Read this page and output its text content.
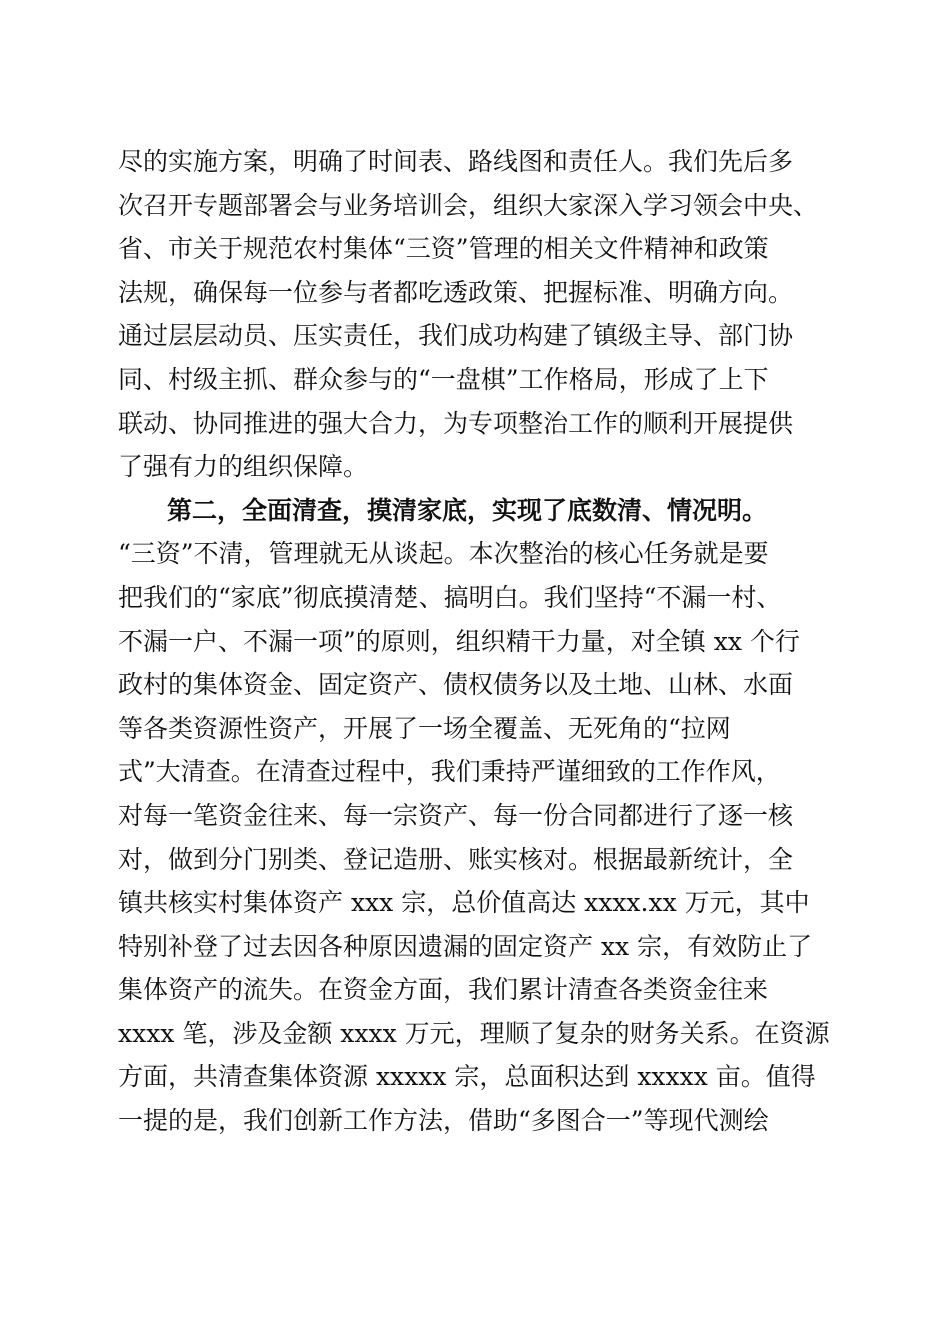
尽的实施方案，明确了时间表、路线图和责任人。我们先后多
次召开专题部署会与业务培训会，组织大家深入学习领会中央、
省、市关于规范农村集体“三资”管理的相关文件精神和政策
法规，确保每一位参与者都吃透政策、把握标准、明确方向。
通过层层动员、压实责任，我们成功构建了镇级主导、部门协
同、村级主抓、群众参与的“一盘棋”工作格局，形成了上下
联动、协同推进的强大合力，为专项整治工作的顺利开展提供
了强有力的组织保障。
第二，全面清查，摸清家底，实现了底数清、情况明。
“三资”不清，管理就无从谈起。本次整治的核心任务就是要
把我们的“家底”彻底摸清楚、搞明白。我们坚持“不漏一村、
不漏一户、不漏一项”的原则，组织精干力量，对全镇 xx 个行
政村的集体资金、固定资产、债权债务以及土地、山林、水面
等各类资源性资产，开展了一场全覆盖、无死角的“拉网
式”大清查。在清查过程中，我们秉持严谨细致的工作作风，
对每一笔资金往来、每一宗资产、每一份合同都进行了逐一核
对，做到分门别类、登记造册、账实核对。根据最新统计，全
镇共核实村集体资产 xxx 宗，总价值高达 xxxx.xx 万元，其中
特别补登了过去因各种原因遗漏的固定资产 xx 宗，有效防止了
集体资产的流失。在资金方面，我们累计清查各类资金往来
xxxx 笔，涉及金额 xxxx 万元，理顺了复杂的财务关系。在资源
方面，共清查集体资源 xxxxx 宗，总面积达到 xxxxx 亩。值得
一提的是，我们创新工作方法，借助“多图合一”等现代测绘
